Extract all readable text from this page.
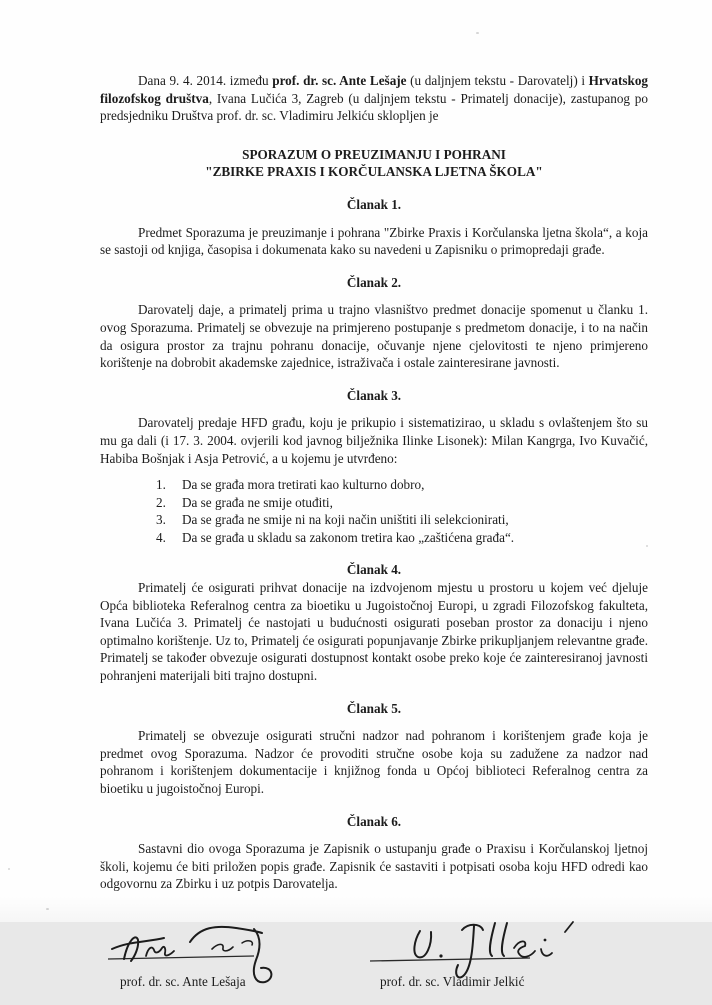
Dana 9. 4. 2014. između prof. dr. sc. Ante Lešaje (u daljnjem tekstu - Darovatelj) i Hrvatskog filozofskog društva, Ivana Lučića 3, Zagreb (u daljnjem tekstu - Primatelj donacije), zastupanog po predsjedniku Društva prof. dr. sc. Vladimiru Jelkiću sklopljen je

SPORAZUM O PREUZIMANJU I POHRANI
"ZBIRKE PRAXIS I KORČULANSKA LJETNA ŠKOLA"
Članak 1.

Predmet Sporazuma je preuzimanje i pohrana "Zbirke Praxis i Korčulanska ljetna škola“, a koja se sastoji od knjiga, časopisa i dokumenata kako su navedeni u Zapisniku o primopredaji građe.

Članak 2.

Darovatelj daje, a primatelj prima u trajno vlasništvo predmet donacije spomenut u članku 1. ovog Sporazuma. Primatelj se obvezuje na primjereno postupanje s predmetom donacije, i to na način da osigura prostor za trajnu pohranu donacije, očuvanje njene cjelovitosti te njeno primjereno korištenje na dobrobit akademske zajednice, istraživača i ostale zainteresirane javnosti.

Članak 3.

Darovatelj predaje HFD građu, koju je prikupio i sistematizirao, u skladu s ovlaštenjem što su mu ga dali (i 17. 3. 2004. ovjerili kod javnog bilježnika Ilinke Lisonek): Milan Kangrga, Ivo Kuvačić, Habiba Bošnjak i Asja Petrović, a u kojemu je utvrđeno:

1.	Da se građa mora tretirati kao kulturno dobro,
2.	Da se građa ne smije otuđiti,
3.	Da se građa ne smije ni na koji način uništiti ili selekcionirati,
4.	Da se građa u skladu sa zakonom tretira kao „zaštićena građa“.
Članak 4.

Primatelj će osigurati prihvat donacije na izdvojenom mjestu u prostoru u kojem već djeluje Opća biblioteka Referalnog centra za bioetiku u Jugoistočnoj Europi, u zgradi Filozofskog fakulteta, Ivana Lučića 3. Primatelj će nastojati u budućnosti osigurati poseban prostor za donaciju i njeno optimalno korištenje. Uz to, Primatelj će osigurati popunjavanje Zbirke prikupljanjem relevantne građe. Primatelj se također obvezuje osigurati dostupnost kontakt osobe preko koje će zainteresiranoj javnosti pohranjeni materijali biti trajno dostupni.

Članak 5.

Primatelj se obvezuje osigurati stručni nadzor nad pohranom i korištenjem građe koja je predmet ovog Sporazuma. Nadzor će provoditi stručne osobe koja su zadužene za nadzor nad pohranom i korištenjem dokumentacije i knjižnog fonda u Općoj biblioteci Referalnog centra za bioetiku u jugoistočnoj Europi.

Članak 6.

Sastavni dio ovoga Sporazuma je Zapisnik o ustupanju građe o Praxisu i Korčulanskoj ljetnoj školi, kojemu će biti priložen popis građe. Zapisnik će sastaviti i potpisati osoba koju HFD odredi kao odgovornu za Zbirku i uz potpis Darovatelja.

prof. dr. sc. Ante Lešaja	prof. dr. sc. Vladimir Jelkić
